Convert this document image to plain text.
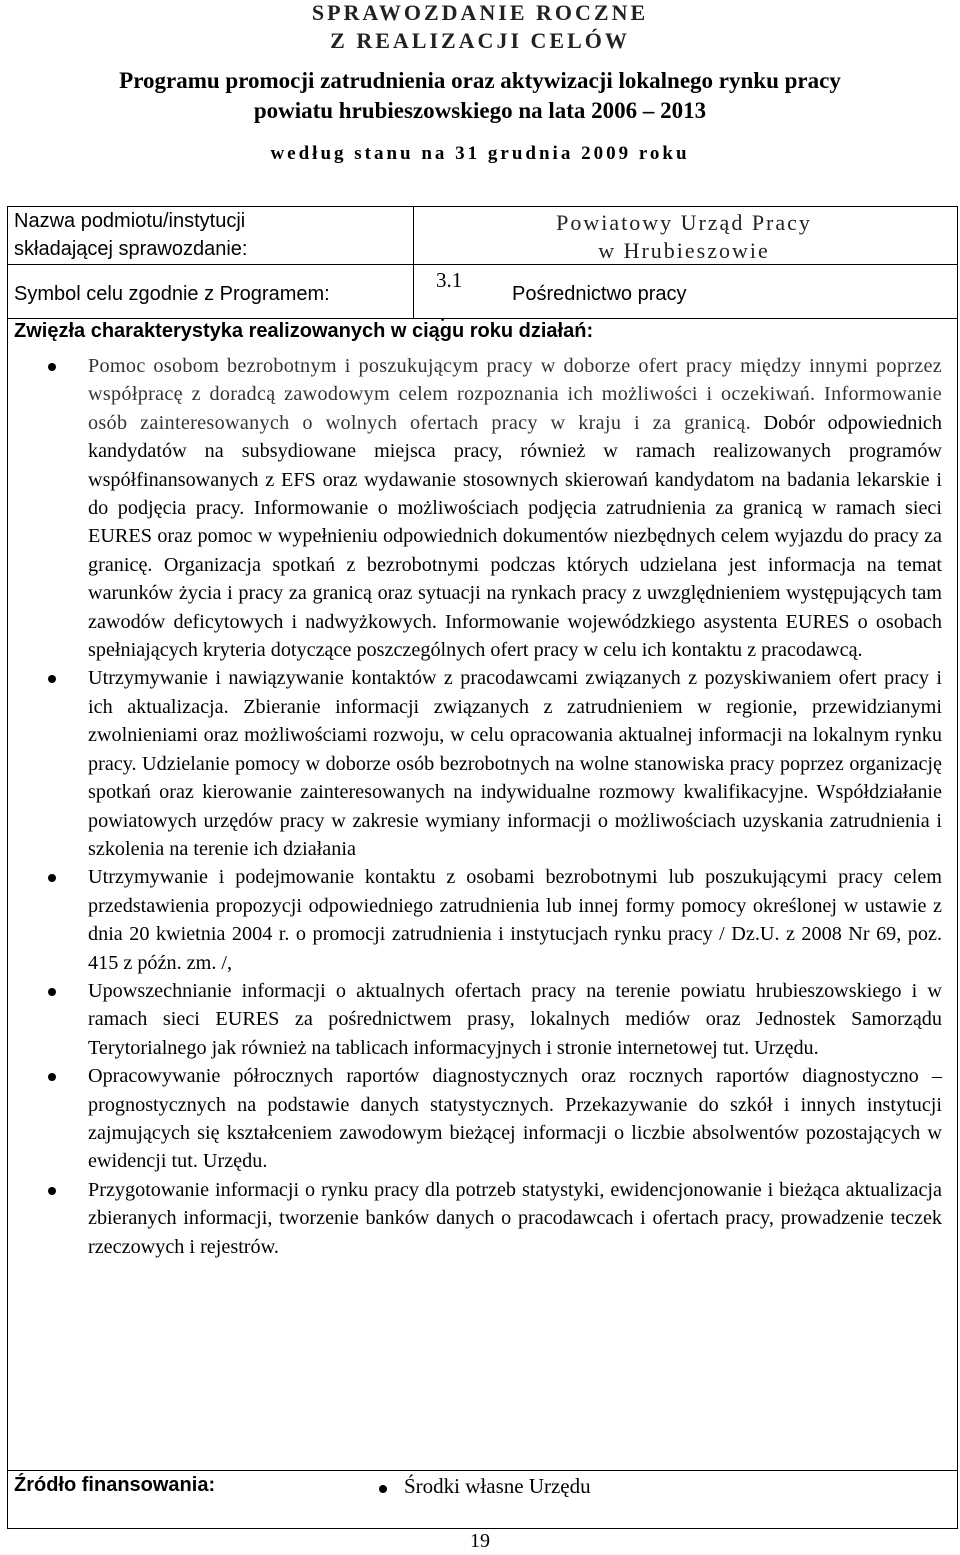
SPRAWOZDANIE ROCZNE
Z REALIZACJI CELÓW
Programu promocji zatrudnienia oraz aktywizacji lokalnego rynku pracy
powiatu hrubieszowskiego na lata 2006 – 2013
według stanu na 31 grudnia 2009 roku
Nazwa podmiotu/instytucji
składającej sprawozdanie:
Powiatowy Urząd Pracy
w Hrubieszowie
Symbol celu zgodnie z Programem:
3.1
.
Pośrednictwo pracy
Zwięzła charakterystyka realizowanych w ciągu roku działań:
Pomoc osobom bezrobotnym i poszukującym pracy w doborze ofert pracy między innymi poprzez współpracę z doradcą zawodowym celem rozpoznania ich możliwości i oczekiwań. Informowanie osób zainteresowanych o wolnych ofertach pracy w kraju i za granicą. Dobór odpowiednich kandydatów na subsydiowane miejsca pracy, również w ramach realizowanych programów współfinansowanych z EFS oraz wydawanie stosownych skierowań kandydatom na badania lekarskie i do podjęcia pracy. Informowanie o możliwościach podjęcia zatrudnienia za granicą w ramach sieci EURES oraz pomoc w wypełnieniu odpowiednich dokumentów niezbędnych celem wyjazdu do pracy za granicę. Organizacja spotkań z bezrobotnymi podczas których udzielana jest informacja na temat warunków życia i pracy za granicą oraz sytuacji na rynkach pracy z uwzględnieniem występujących tam zawodów deficytowych i nadwyżkowych. Informowanie wojewódzkiego asystenta EURES o osobach spełniających kryteria dotyczące poszczególnych ofert pracy w celu ich kontaktu z pracodawcą.
Utrzymywanie i nawiązywanie kontaktów z pracodawcami związanych z pozyskiwaniem ofert pracy i ich aktualizacja. Zbieranie informacji związanych z zatrudnieniem w regionie, przewidzianymi zwolnieniami oraz możliwościami rozwoju, w celu opracowania aktualnej informacji na lokalnym rynku pracy. Udzielanie pomocy w doborze osób bezrobotnych na wolne stanowiska pracy poprzez organizację spotkań oraz kierowanie zainteresowanych na indywidualne rozmowy kwalifikacyjne. Współdziałanie powiatowych urzędów pracy w zakresie wymiany informacji o możliwościach uzyskania zatrudnienia i szkolenia na terenie ich działania
Utrzymywanie i podejmowanie kontaktu z osobami bezrobotnymi lub poszukującymi pracy celem przedstawienia propozycji odpowiedniego zatrudnienia lub innej formy pomocy określonej w ustawie z dnia 20 kwietnia 2004 r. o promocji zatrudnienia i instytucjach rynku pracy / Dz.U. z 2008 Nr 69, poz. 415 z późn. zm. /,
Upowszechnianie informacji o aktualnych ofertach pracy na terenie powiatu hrubieszowskiego i w ramach sieci EURES za pośrednictwem prasy, lokalnych mediów oraz Jednostek Samorządu Terytorialnego jak również na tablicach informacyjnych i stronie internetowej tut. Urzędu.
Opracowywanie półrocznych raportów diagnostycznych oraz rocznych raportów diagnostyczno – prognostycznych na podstawie danych statystycznych. Przekazywanie do szkół i innych instytucji zajmujących się kształceniem zawodowym bieżącej informacji o liczbie absolwentów pozostających w ewidencji tut. Urzędu.
Przygotowanie informacji o rynku pracy dla potrzeb statystyki, ewidencjonowanie i bieżąca aktualizacja zbieranych informacji, tworzenie banków danych o pracodawcach i ofertach pracy, prowadzenie teczek rzeczowych i rejestrów.
Źródło finansowania:	Środki własne Urzędu
19
